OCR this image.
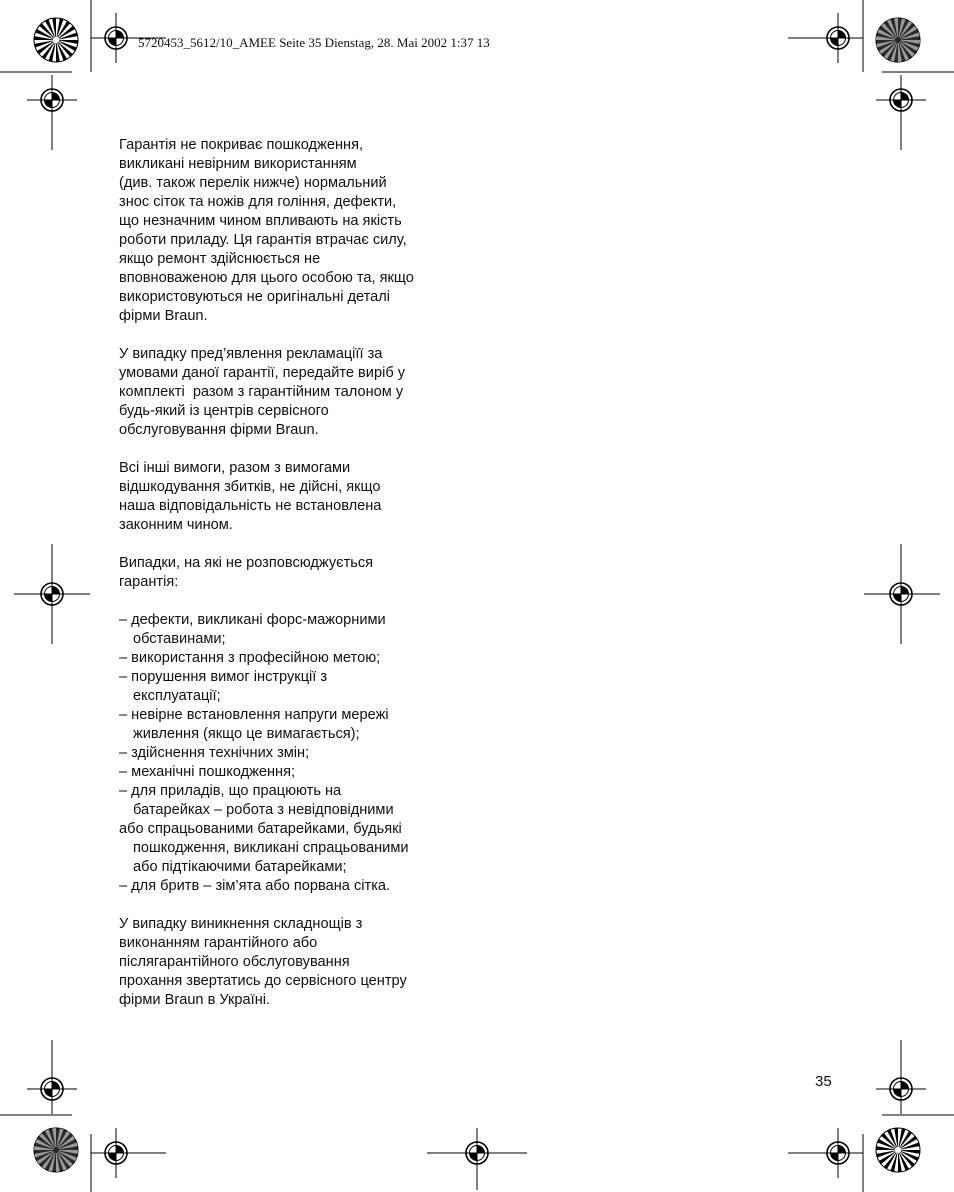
5720453_5612/10_AMEE Seite 35 Dienstag, 28. Mai 2002 1:37 13

Гарантія не покриває пошкодження,

викликані невірним використанням

(див. також перелік нижче) нормальний

знос сіток та ножів для гоління, дефекти,

що незначним чином впливають на якість

роботи приладу. Ця гарантія втрачає силу,

якщо ремонт здійснюється не

вповноваженою для цього особою та, якщо

використовуються не оригінальні деталі

фірми Braun.

У випадку пред’явлення рекламаціїї за

умовами даної гарантії, передайте виріб у

комплекті  разом з гарантійним талоном у

будь-який із центрів сервісного

обслуговування фірми Braun.

Всі інші вимоги, разом з вимогами

відшкодування збитків, не дійсні, якщо

наша відповідальність не встановлена

законним чином.

Випадки, на які не розповсюджується

гарантія:

– дефекти, викликані форс-мажорними
обставинами;

– використання з професійною метою;

– порушення вимог інструкції з
експлуатації;

– невірне встановлення напруги мережі
живлення (якщо це вимагається);

– здійснення технічних змін;

– механічні пошкодження;

– для приладів, що працюють на
батарейках – робота з невідповідними

або спрацьованими батарейками, будьякі

пошкодження, викликані спрацьованими
або підтікаючими батарейками;

– для бритв – зім’ята або порвана сітка.

У випадку виникнення складнощів з

виконанням гарантійного або

післягарантійного обслуговування

прохання звертатись до сервісного центру

фірми Braun в Україні.

35
